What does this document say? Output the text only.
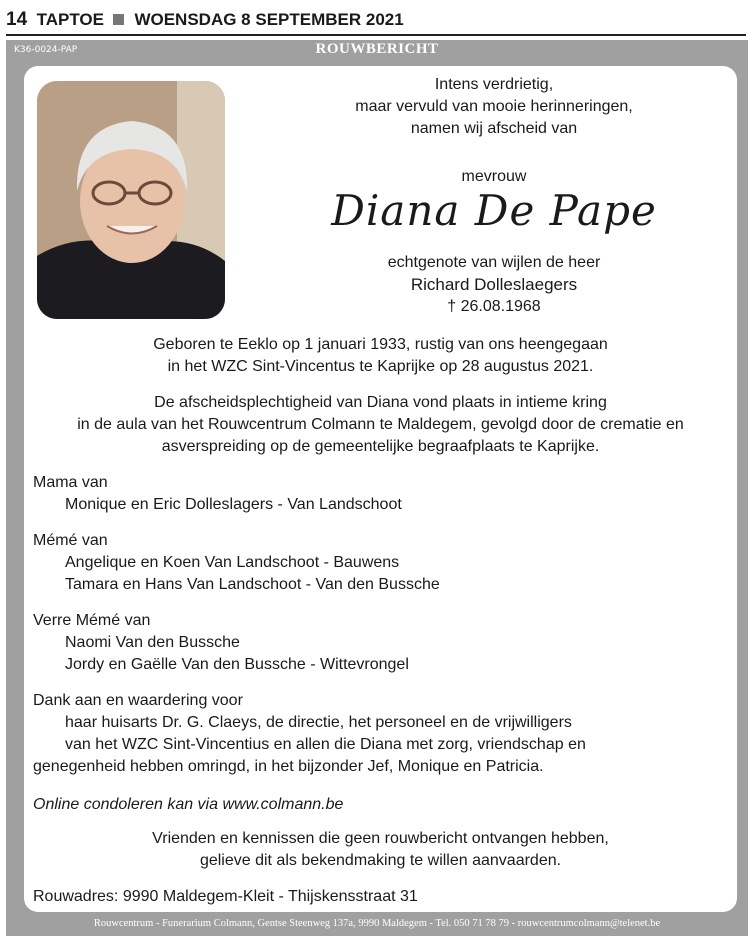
14 TAPTOE WOENSDAG 8 SEPTEMBER 2021
K36-0024-PAP	ROUWBERICHT
Intens verdrietig,
maar vervuld van mooie herinneringen,
namen wij afscheid van
mevrouw
Diana De Pape
echtgenote van wijlen de heer
Richard Dolleslaegers
† 26.08.1968
Geboren te Eeklo op 1 januari 1933, rustig van ons heengegaan
in het WZC Sint-Vincentus te Kaprijke op 28 augustus 2021.
De afscheidsplechtigheid van Diana vond plaats in intieme kring
in de aula van het Rouwcentrum Colmann te Maldegem, gevolgd door de crematie en
asverspreiding op de gemeentelijke begraafplaats te Kaprijke.
Mama van
Monique en Eric Dolleslagers - Van Landschoot
Mémé van
Angelique en Koen Van Landschoot - Bauwens
Tamara en Hans Van Landschoot - Van den Bussche
Verre Mémé van
Naomi Van den Bussche
Jordy en Gaëlle Van den Bussche - Wittevrongel
Dank aan en waardering voor
haar huisarts Dr. G. Claeys, de directie, het personeel en de vrijwilligers
van het WZC Sint-Vincentius en allen die Diana met zorg, vriendschap en
genegenheid hebben omringd, in het bijzonder Jef, Monique en Patricia.
Online condoleren kan via www.colmann.be
Vrienden en kennissen die geen rouwbericht ontvangen hebben,
gelieve dit als bekendmaking te willen aanvaarden.
Rouwadres: 9990 Maldegem-Kleit - Thijskensstraat 31
Rouwcentrum - Funerarium Colmann, Gentse Steenweg 137a, 9990 Maldegem - Tel. 050 71 78 79 - rouwcentrumcolmann@telenet.be
